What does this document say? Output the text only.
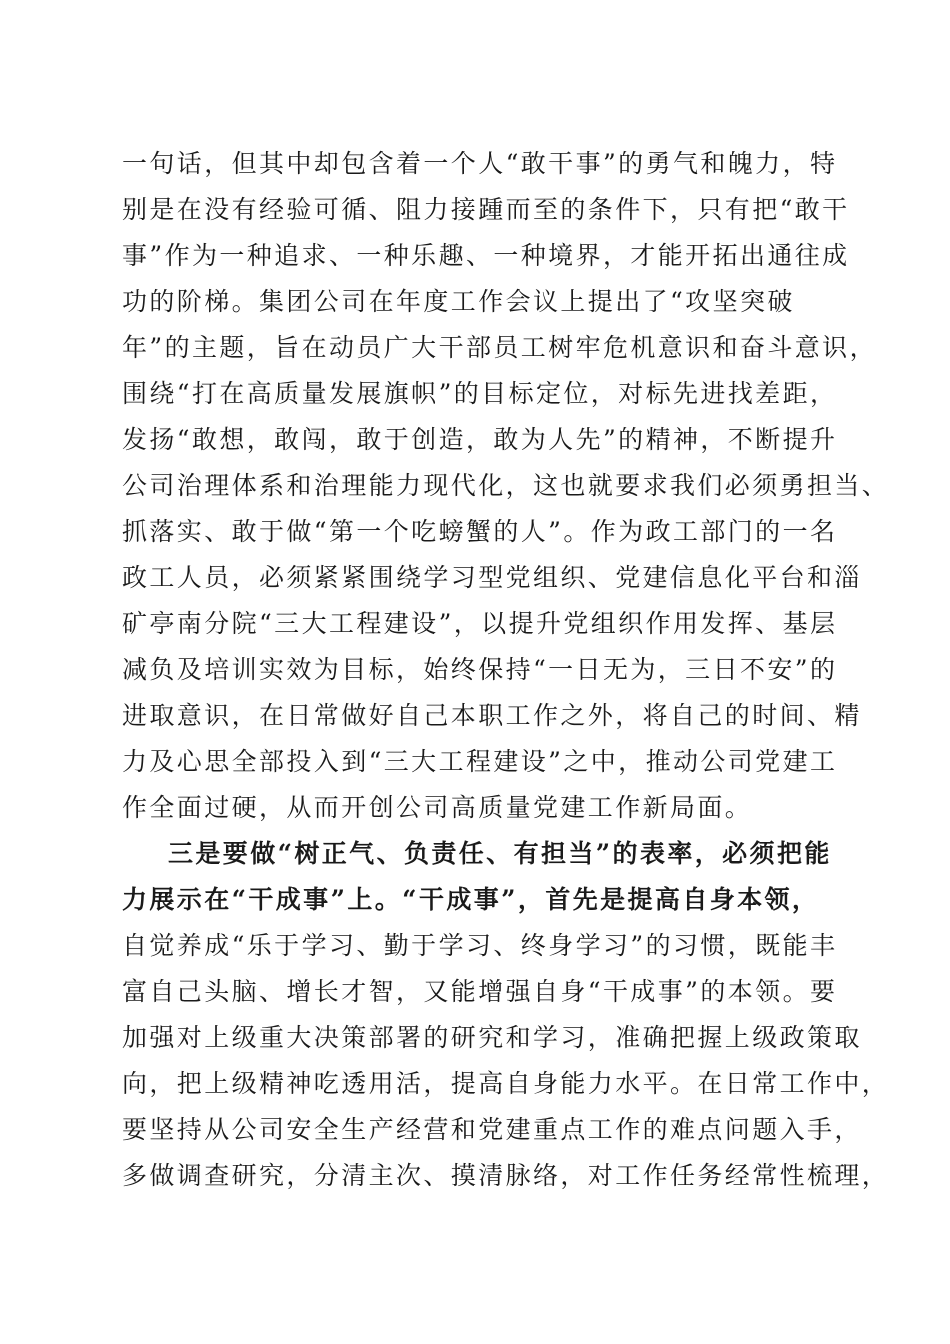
一句话，但其中却包含着一个人“敢干事”的勇气和魄力，特
别是在没有经验可循、阻力接踵而至的条件下，只有把“敢干
事”作为一种追求、一种乐趣、一种境界，才能开拓出通往成
功的阶梯。集团公司在年度工作会议上提出了“攻坚突破
年”的主题，旨在动员广大干部员工树牢危机意识和奋斗意识，
围绕“打在高质量发展旗帜”的目标定位，对标先进找差距，
发扬“敢想，敢闯，敢于创造，敢为人先”的精神，不断提升
公司治理体系和治理能力现代化，这也就要求我们必须勇担当、
抓落实、敢于做“第一个吃螃蟹的人”。作为政工部门的一名
政工人员，必须紧紧围绕学习型党组织、党建信息化平台和淄
矿亭南分院“三大工程建设”，以提升党组织作用发挥、基层
减负及培训实效为目标，始终保持“一日无为，三日不安”的
进取意识，在日常做好自己本职工作之外，将自己的时间、精
力及心思全部投入到“三大工程建设”之中，推动公司党建工
作全面过硬，从而开创公司高质量党建工作新局面。
三是要做“树正气、负责任、有担当”的表率，必须把能
力展示在“干成事”上。“干成事”，首先是提高自身本领，
自觉养成“乐于学习、勤于学习、终身学习”的习惯，既能丰
富自己头脑、增长才智，又能增强自身“干成事”的本领。要
加强对上级重大决策部署的研究和学习，准确把握上级政策取
向，把上级精神吃透用活，提高自身能力水平。在日常工作中，
要坚持从公司安全生产经营和党建重点工作的难点问题入手，
多做调查研究，分清主次、摸清脉络，对工作任务经常性梳理，
